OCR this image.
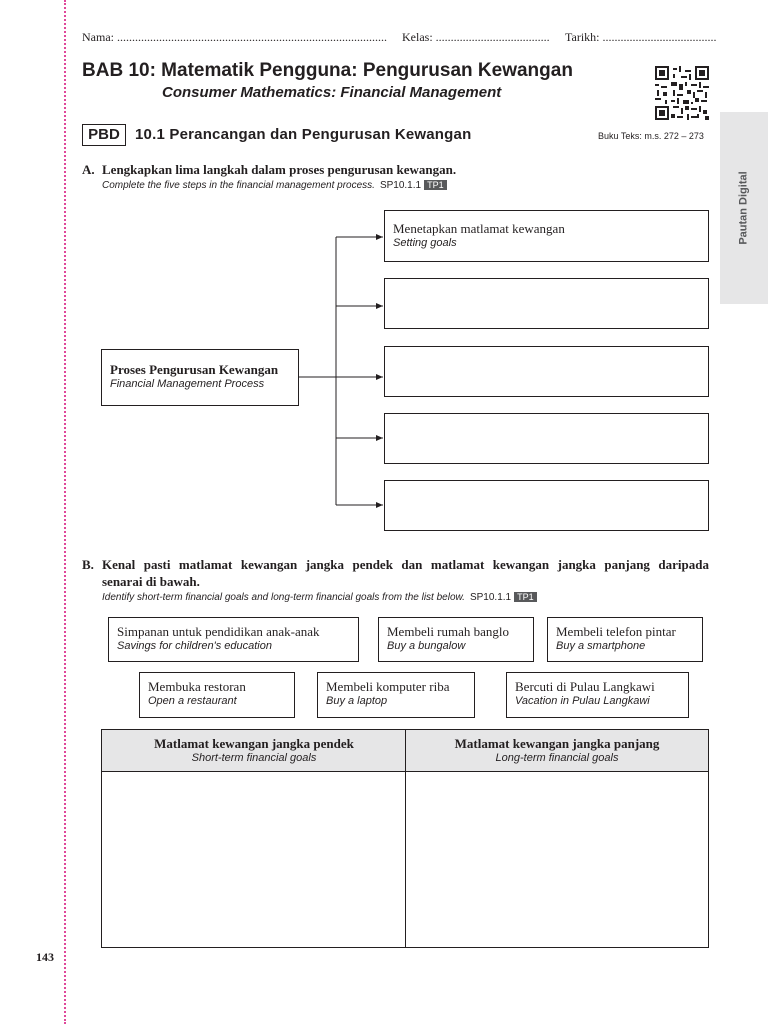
Nama: .......................................................................................... Kelas: ...................................... Tarikh: ......................................
BAB 10: Matematik Pengguna: Pengurusan Kewangan
Consumer Mathematics: Financial Management
PBD	10.1 Perancangan dan Pengurusan Kewangan	Buku Teks: m.s. 272 – 273
Pautan Digital
A. Lengkapkan lima langkah dalam proses pengurusan kewangan.
Complete the five steps in the financial management process. SP10.1.1 TP1
Proses Pengurusan Kewangan
Financial Management Process
Menetapkan matlamat kewangan
Setting goals
B. Kenal pasti matlamat kewangan jangka pendek dan matlamat kewangan jangka panjang daripada
senarai di bawah.
Identify short-term financial goals and long-term financial goals from the list below. SP10.1.1 TP1
Simpanan untuk pendidikan anak-anak
Savings for children's education
Membeli rumah banglo
Buy a bungalow
Membeli telefon pintar
Buy a smartphone
Membuka restoran
Open a restaurant
Membeli komputer riba
Buy a laptop
Bercuti di Pulau Langkawi
Vacation in Pulau Langkawi
Matlamat kewangan jangka pendek
Short-term financial goals
Matlamat kewangan jangka panjang
Long-term financial goals
143
